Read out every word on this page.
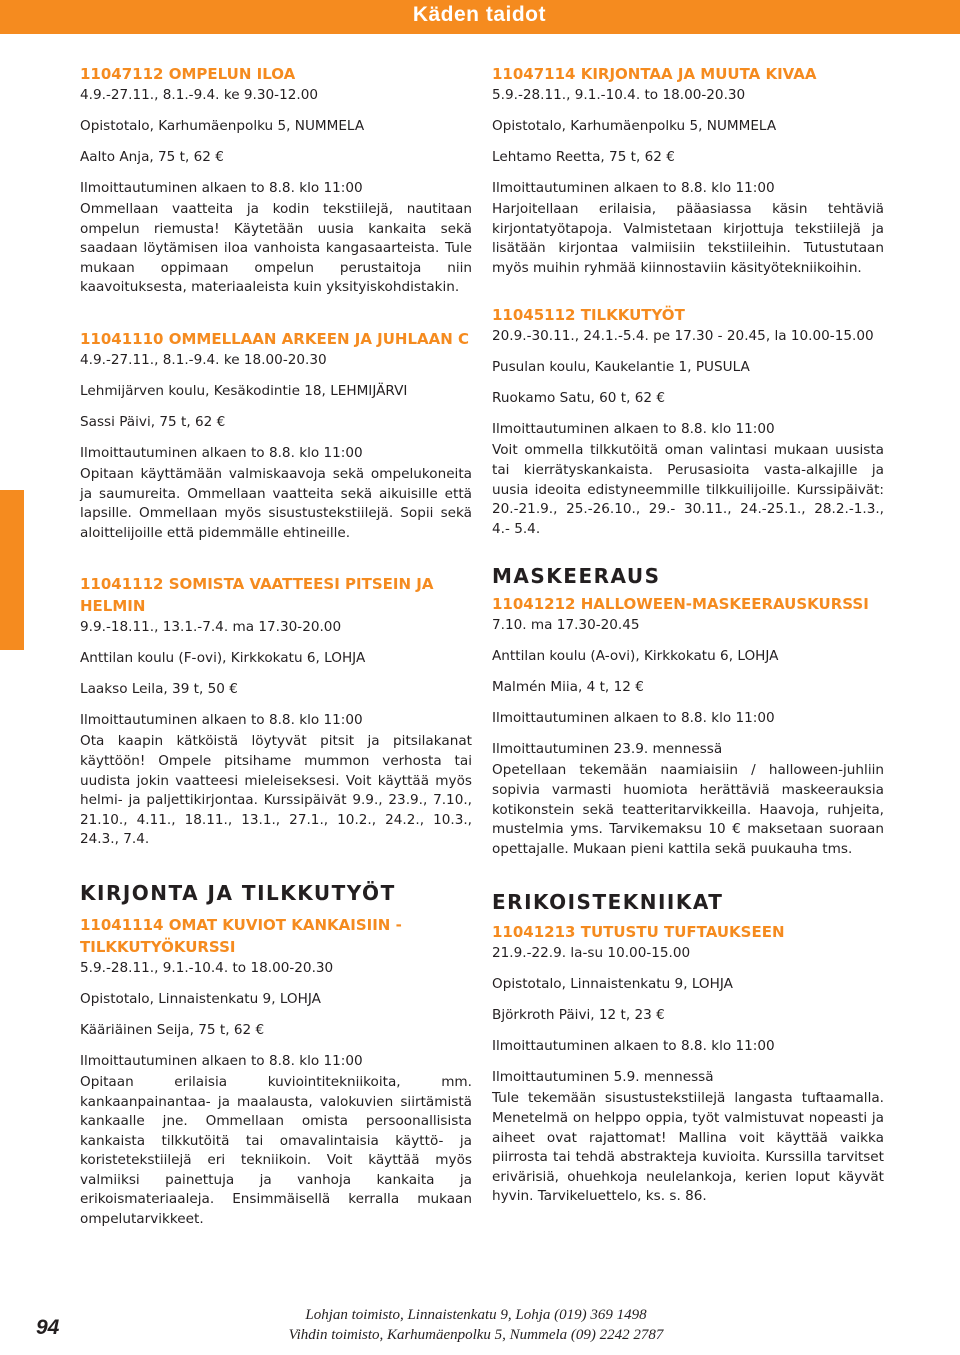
Käden taidot
11047112 OMPELUN ILOA
4.9.-27.11., 8.1.-9.4. ke 9.30-12.00
Opistotalo, Karhumäenpolku 5, NUMMELA
Aalto Anja, 75 t, 62 €
Ilmoittautuminen alkaen to 8.8. klo 11:00
Ommellaan vaatteita ja kodin tekstiilejä, nautitaan ompelun riemusta! Käytetään uusia kankaita sekä saadaan löytämisen iloa vanhoista kangasaarteista. Tule mukaan oppimaan ompelun perustaitoja niin kaavoituksesta, materiaaleista kuin yksityiskohdistakin.
11041110 OMMELLAAN ARKEEN JA JUHLAAN C
4.9.-27.11., 8.1.-9.4. ke 18.00-20.30
Lehmijärven koulu, Kesäkodintie 18, LEHMIJÄRVI
Sassi Päivi, 75 t, 62 €
Ilmoittautuminen alkaen to 8.8. klo 11:00
Opitaan käyttämään valmiskaavoja sekä ompelukoneita ja saumureita. Ommellaan vaatteita sekä aikuisille että lapsille. Ommellaan myös sisustustekstiilejä. Sopii sekä aloittelijoille että pidemmälle ehtineille.
11041112 SOMISTA VAATTEESI PITSEIN JA HELMIN
9.9.-18.11., 13.1.-7.4. ma 17.30-20.00
Anttilan koulu (F-ovi), Kirkkokatu 6, LOHJA
Laakso Leila, 39 t, 50 €
Ilmoittautuminen alkaen to 8.8. klo 11:00
Ota kaapin kätköistä löytyvät pitsit ja pitsilakanat käyttöön! Ompele pitsihame mummon verhosta tai uudista jokin vaatteesi mieleiseksesi. Voit käyttää myös helmi- ja paljettikirjontaa. Kurssipäivät 9.9., 23.9., 7.10., 21.10., 4.11., 18.11., 13.1., 27.1., 10.2., 24.2., 10.3., 24.3., 7.4.
KIRJONTA JA TILKKUTYÖT
11041114 OMAT KUVIOT KANKAISIIN - TILKKUTYÖKURSSI
5.9.-28.11., 9.1.-10.4. to 18.00-20.30
Opistotalo, Linnaistenkatu 9, LOHJA
Kääriäinen Seija, 75 t, 62 €
Ilmoittautuminen alkaen to 8.8. klo 11:00
Opitaan erilaisia kuviointitekniikoita, mm. kankaanpainantaa- ja maalausta, valokuvien siirtämistä kankaalle jne. Ommellaan omista persoonallisista kankaista tilkkutöitä tai omavalintaisia käyttö- ja koristetekstiilejä eri tekniikoin. Voit käyttää myös valmiiksi painettuja ja vanhoja kankaita ja erikoismateriaaleja. Ensimmäisellä kerralla mukaan ompelutarvikkeet.
11047114 KIRJONTAA JA MUUTA KIVAA
5.9.-28.11., 9.1.-10.4. to 18.00-20.30
Opistotalo, Karhumäenpolku 5, NUMMELA
Lehtamo Reetta, 75 t, 62 €
Ilmoittautuminen alkaen to 8.8. klo 11:00
Harjoitellaan erilaisia, pääasiassa käsin tehtäviä kirjontatyötapoja. Valmistetaan kirjottuja tekstiilejä ja lisätään kirjontaa valmiisiin tekstiileihin. Tutustutaan myös muihin ryhmää kiinnostaviin käsityötekniikoihin.
11045112 TILKKUTYÖT
20.9.-30.11., 24.1.-5.4. pe 17.30 - 20.45, la 10.00-15.00
Pusulan koulu, Kaukelantie 1, PUSULA
Ruokamo Satu, 60 t, 62 €
Ilmoittautuminen alkaen to 8.8. klo 11:00
Voit ommella tilkkutöitä oman valintasi mukaan uusista tai kierrätyskankaista. Perusasioita vasta-alkajille ja uusia ideoita edistyneemmille tilkkuilijoille. Kurssipäivät: 20.-21.9., 25.-26.10., 29.- 30.11., 24.-25.1., 28.2.-1.3., 4.- 5.4.
MASKEERAUS
11041212 HALLOWEEN-MASKEERAUSKURSSI
7.10. ma 17.30-20.45
Anttilan koulu (A-ovi), Kirkkokatu 6, LOHJA
Malmén Miia, 4 t, 12 €
Ilmoittautuminen alkaen to 8.8. klo 11:00
Ilmoittautuminen 23.9. mennessä
Opetellaan tekemään naamiaisiin / halloween-juhliin sopivia varmasti huomiota herättäviä maskeerauksia kotikonstein sekä teatteritarvikkeilla. Haavoja, ruhjeita, mustelmia yms. Tarvikemaksu 10 € maksetaan suoraan opettajalle. Mukaan pieni kattila sekä puukauha tms.
ERIKOISTEKNIIKAT
11041213 TUTUSTU TUFTAUKSEEN
21.9.-22.9. la-su 10.00-15.00
Opistotalo, Linnaistenkatu 9, LOHJA
Björkroth Päivi, 12 t, 23 €
Ilmoittautuminen alkaen to 8.8. klo 11:00
Ilmoittautuminen 5.9. mennessä
Tule tekemään sisustustekstiilejä langasta tuftaamalla. Menetelmä on helppo oppia, työt valmistuvat nopeasti ja aiheet ovat rajattomat! Mallina voit käyttää vaikka piirrosta tai tehdä abstrakteja kuvioita. Kurssilla tarvitset erivärisiä, ohuehkoja neulelankoja, kerien loput käyvät hyvin. Tarvikeluettelo, ks. s. 86.
94
Lohjan toimisto, Linnaistenkatu 9, Lohja (019) 369 1498
Vihdin toimisto, Karhumäenpolku 5, Nummela (09) 2242 2787
